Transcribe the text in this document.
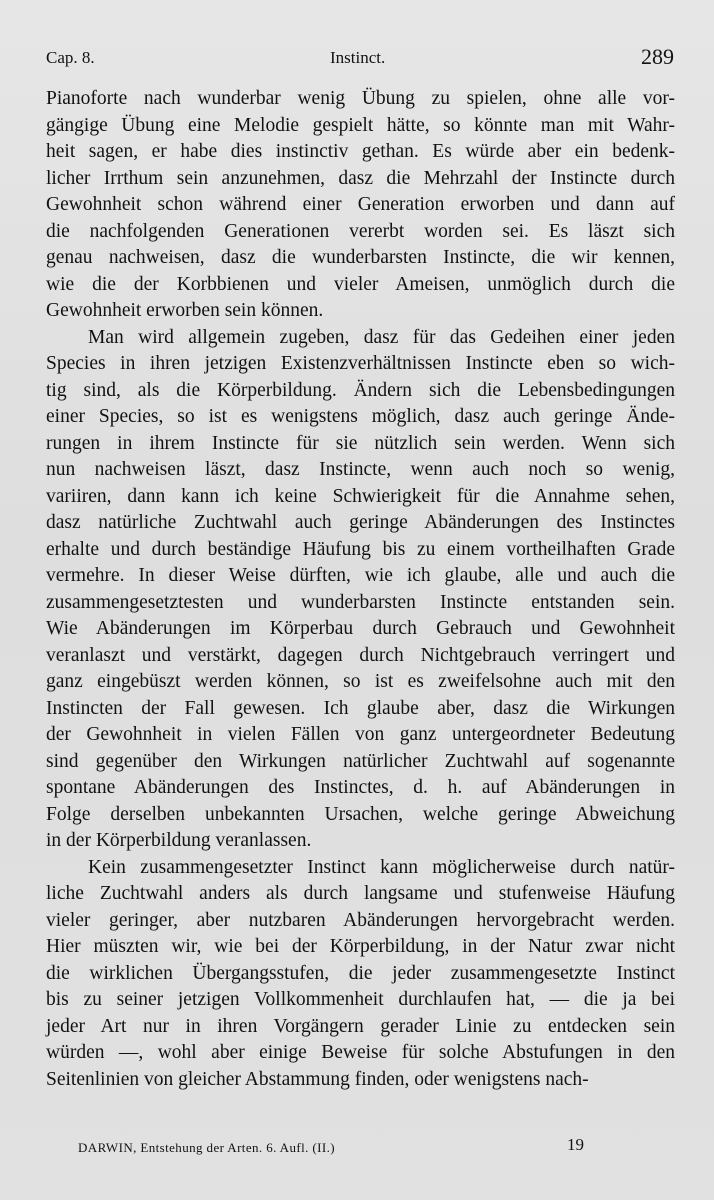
Cap. 8.	Instinct.	289

Pianoforte nach wunderbar wenig Übung zu spielen, ohne alle vor-
gängige Übung eine Melodie gespielt hätte, so könnte man mit Wahr-
heit sagen, er habe dies instinctiv gethan. Es würde aber ein bedenk-
licher Irrthum sein anzunehmen, dasz die Mehrzahl der Instincte durch
Gewohnheit schon während einer Generation erworben und dann auf
die nachfolgenden Generationen vererbt worden sei. Es läszt sich
genau nachweisen, dasz die wunderbarsten Instincte, die wir kennen,
wie die der Korbbienen und vieler Ameisen, unmöglich durch die
Gewohnheit erworben sein können.

Man wird allgemein zugeben, dasz für das Gedeihen einer jeden
Species in ihren jetzigen Existenzverhältnissen Instincte eben so wich-
tig sind, als die Körperbildung. Ändern sich die Lebensbedingungen
einer Species, so ist es wenigstens möglich, dasz auch geringe Ände-
rungen in ihrem Instincte für sie nützlich sein werden. Wenn sich
nun nachweisen läszt, dasz Instincte, wenn auch noch so wenig,
variiren, dann kann ich keine Schwierigkeit für die Annahme sehen,
dasz natürliche Zuchtwahl auch geringe Abänderungen des Instinctes
erhalte und durch beständige Häufung bis zu einem vortheilhaften Grade
vermehre. In dieser Weise dürften, wie ich glaube, alle und auch die
zusammengesetztesten und wunderbarsten Instincte entstanden sein.
Wie Abänderungen im Körperbau durch Gebrauch und Gewohnheit
veranlaszt und verstärkt, dagegen durch Nichtgebrauch verringert und
ganz eingebüszt werden können, so ist es zweifelsohne auch mit den
Instincten der Fall gewesen. Ich glaube aber, dasz die Wirkungen
der Gewohnheit in vielen Fällen von ganz untergeordneter Bedeutung
sind gegenüber den Wirkungen natürlicher Zuchtwahl auf sogenannte
spontane Abänderungen des Instinctes, d. h. auf Abänderungen in
Folge derselben unbekannten Ursachen, welche geringe Abweichung
in der Körperbildung veranlassen.

Kein zusammengesetzter Instinct kann möglicherweise durch natür-
liche Zuchtwahl anders als durch langsame und stufenweise Häufung
vieler geringer, aber nutzbaren Abänderungen hervorgebracht werden.
Hier müszten wir, wie bei der Körperbildung, in der Natur zwar nicht
die wirklichen Übergangsstufen, die jeder zusammengesetzte Instinct
bis zu seiner jetzigen Vollkommenheit durchlaufen hat, — die ja bei
jeder Art nur in ihren Vorgängern gerader Linie zu entdecken sein
würden —, wohl aber einige Beweise für solche Abstufungen in den
Seitenlinien von gleicher Abstammung finden, oder wenigstens nach-

DARWIN, Entstehung der Arten. 6. Aufl. (II.)	19
